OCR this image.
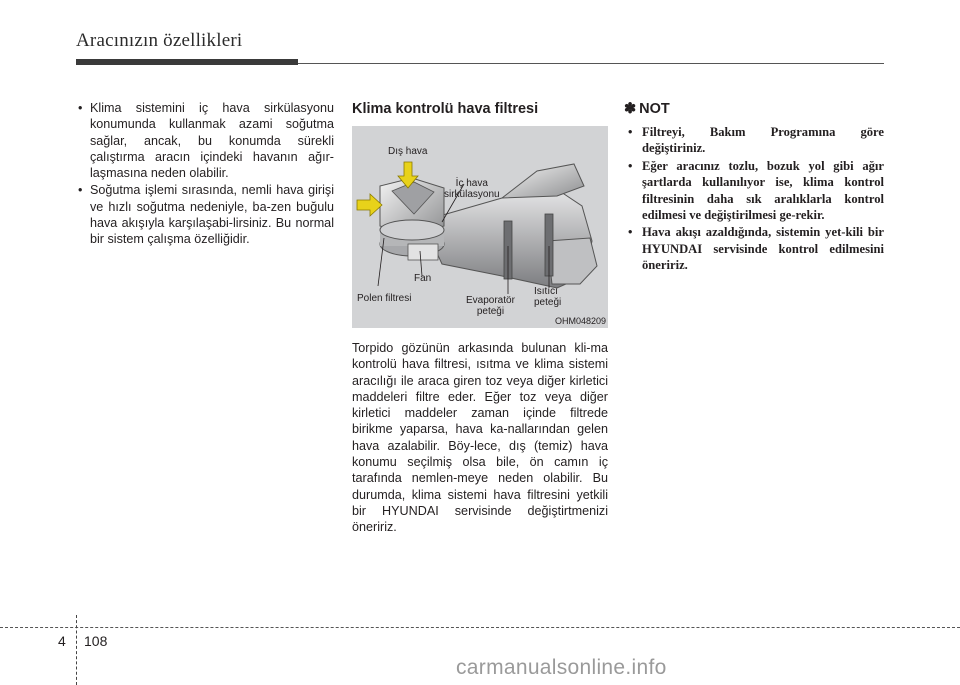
Aracınızın özellikleri
• Klima sistemini iç hava sirkülasyonu konumunda kullanmak azami soğutma sağlar, ancak, bu konumda sürekli çalıştırma aracın içindeki havanın ağır-laşmasına neden olabilir.
• Soğutma işlemi sırasında, nemli hava girişi ve hızlı soğutma nedeniyle, ba-zen buğulu hava akışıyla karşılaşabi-lirsiniz. Bu normal bir sistem çalışma özelliğidir.
Klima kontrolü hava filtresi
Dış hava
İç hava
sirkülasyonu
Fan
Polen filtresi	Evaporatör
peteği
Isıtıcı
peteği
OHM048209
Torpido gözünün arkasında bulunan kli-ma kontrolü hava filtresi, ısıtma ve klima sistemi aracılığı ile araca giren toz veya diğer kirletici maddeleri filtre eder. Eğer toz veya diğer kirletici maddeler zaman içinde filtrede birikme yaparsa, hava ka-nallarından gelen hava azalabilir. Böy-lece, dış (temiz) hava konumu seçilmiş olsa bile, ön camın iç tarafında nemlen-meye neden olabilir. Bu durumda, klima sistemi hava filtresini yetkili bir HYUNDAI servisinde değiştirtmenizi öneririz.
✽ NOT
• Filtreyi, Bakım Programına göre değiştiriniz.
• Eğer aracınız tozlu, bozuk yol gibi ağır şartlarda kullanılıyor ise, klima kontrol filtresinin daha sık aralıklarla kontrol edilmesi ve değiştirilmesi ge-rekir.
• Hava akışı azaldığında, sistemin yet-kili bir HYUNDAI servisinde kontrol edilmesini öneririz.
4 108
carmanualsonline.info
